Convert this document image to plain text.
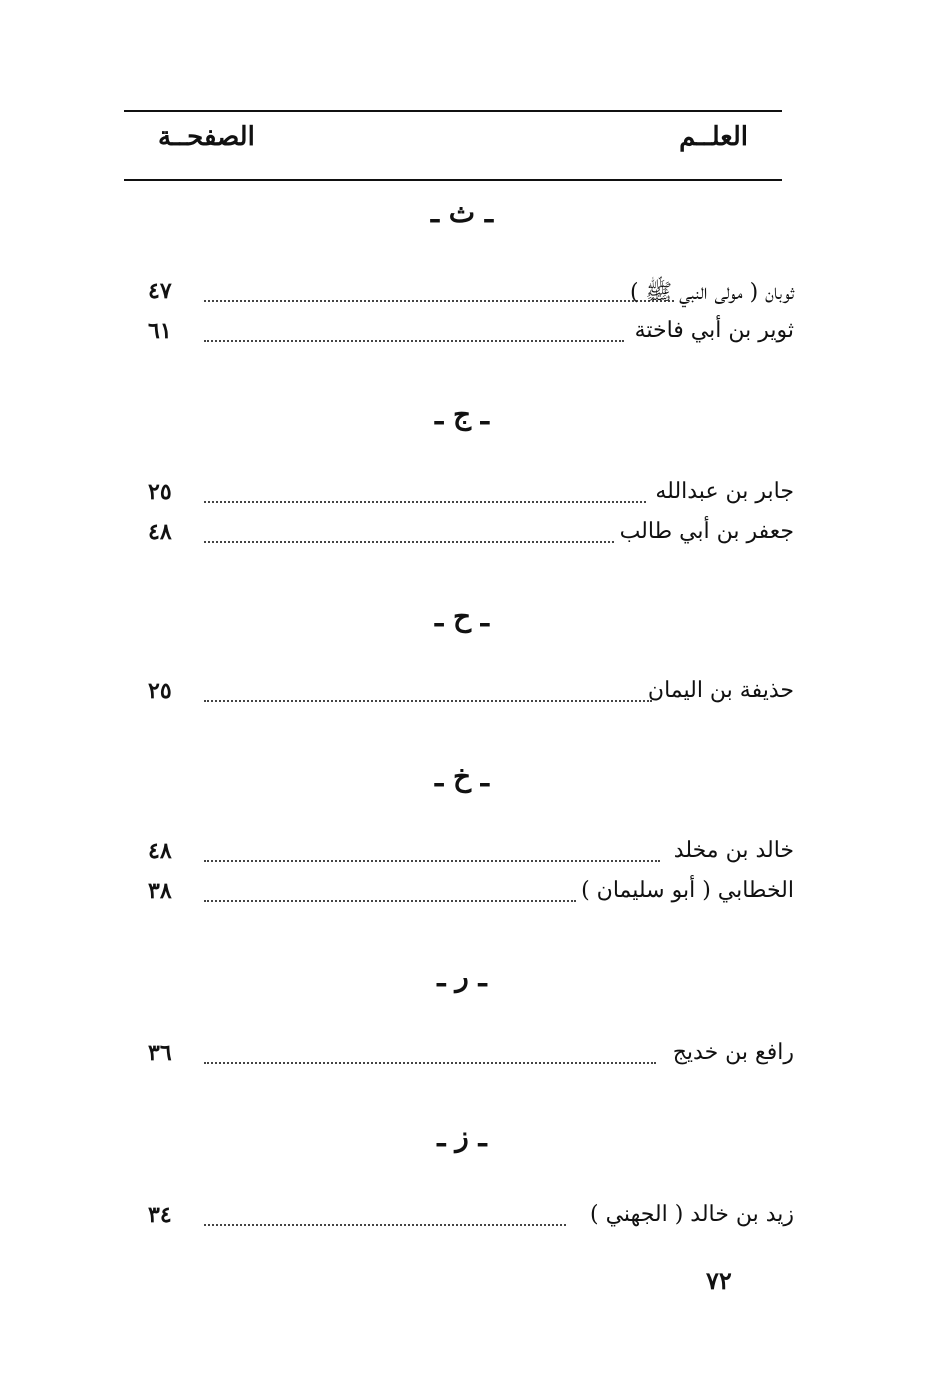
العلــم
الصفحــة
ـ ث ـ
٤٧	ثوبان ( مولى النبي ﷺ )
٦١	ثوير بن أبي فاختة
ـ ج ـ
٢٥	جابر بن عبدالله
٤٨	جعفر بن أبي طالب
ـ ح ـ
٢٥	حذيفة بن اليمان
ـ خ ـ
٤٨	خالد بن مخلد
٣٨	الخطابي ( أبو سليمان )
ـ ر ـ
٣٦	رافع بن خديج
ـ ز ـ
٣٤	زيد بن خالد ( الجهني )
٧٢
